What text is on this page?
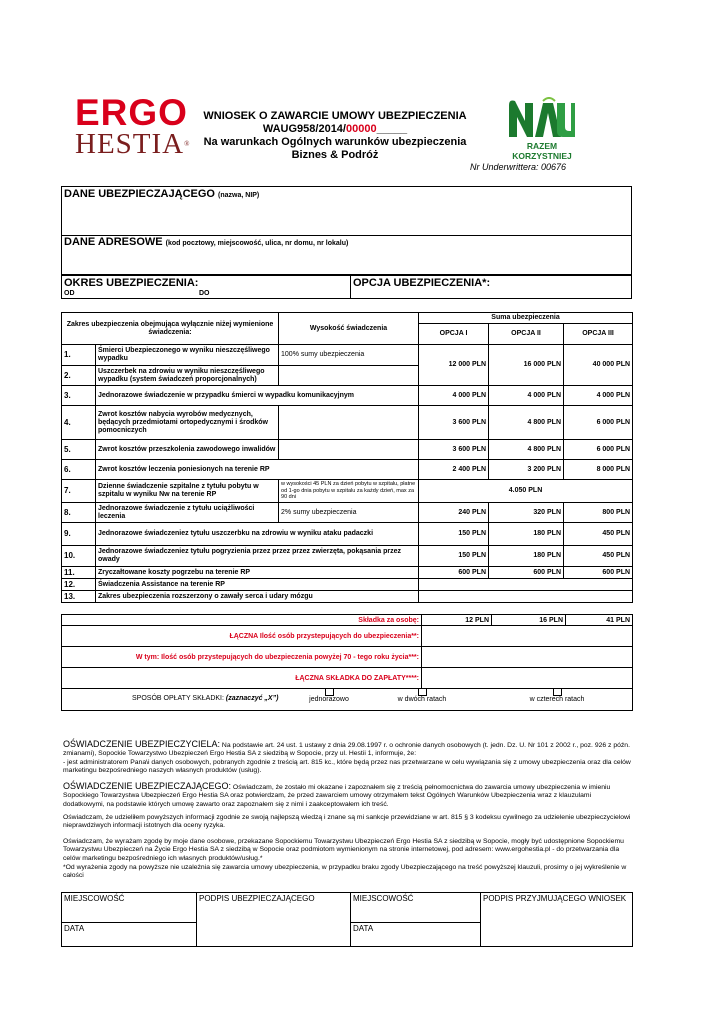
ERGO
HESTIA®
WNIOSEK O ZAWARCIE UMOWY UBEZPIECZENIA
WAUG958/2014/00000_____
Na warunkach Ogólnych warunków ubezpieczenia Biznes & Podróż
RAZEM KORZYSTNIEJ
Nr Underwrittera: 00676
DANE UBEZPIECZAJĄCEGO (nazwa, NIP)
DANE ADRESOWE (kod pocztowy, miejscowość, ulica, nr domu, nr lokalu)
OKRES UBEZPIECZENIA:
OD	DO
OPCJA UBEZPIECZENIA*:
Zakres ubezpieczenia obejmująca wyłącznie niżej wymienione świadczenia:		Wysokość świadczenia	Suma ubezpieczenia		
			OPCJA I	OPCJA II	OPCJA III
1.	Śmierci Ubezpieczonego w wyniku nieszczęśliwego wypadku	100% sumy ubezpieczenia	12 000 PLN	16 000 PLN	40 000 PLN
2.	Uszczerbek na zdrowiu w wyniku nieszczęśliwego wypadku (system świadczeń proporcjonalnych)				
3.	Jednorazowe świadczenie w przypadku śmierci w wypadku komunikacyjnym		4 000 PLN	4 000 PLN	4 000 PLN
4.	Zwrot kosztów nabycia wyrobów medycznych, będących przedmiotami ortopedycznymi i środków pomocniczych		3 600 PLN	4 800 PLN	6 000 PLN
5.	Zwrot kosztów przeszkolenia zawodowego inwalidów		3 600 PLN	4 800 PLN	6 000 PLN
6.	Zwrot kosztów leczenia poniesionych na terenie RP		2 400 PLN	3 200 PLN	8 000 PLN
7.	Dzienne świadczenie szpitalne z tytułu pobytu w szpitalu w wyniku Nw na terenie RP	w wysokości 45 PLN za dzień pobytu w szpitalu, płatne od 1-go dnia pobytu w szpitalu za każdy dzień, max za 90 dni	4.050 PLN		
8.	Jednorazowe świadczenie z tytułu uciążliwości leczenia	2% sumy ubezpieczenia	240 PLN	320 PLN	800 PLN
9.	Jednorazowe świadczeniez tytułu uszczerbku na zdrowiu w wyniku ataku padaczki		150 PLN	180 PLN	450 PLN
10.	Jednorazowe świadczeniez tytułu pogryzienia przez przez przez zwierzęta, pokąsania przez owady		150 PLN	180 PLN	450 PLN
11.	Zryczałtowane koszty pogrzebu na terenie RP		600 PLN	600 PLN	600 PLN
12.	Świadczenia Assistance na terenie RP				
13.	Zakres ubezpieczenia rozszerzony o zawały serca i udary mózgu				
Składka za osobę:	12 PLN	16 PLN	41 PLN
ŁĄCZNA Ilość osób przystepujących do ubezpieczenia**:			
W tym: Ilość osób przystepujących do ubezpieczenia powyżej 70 - tego roku życia***:			
ŁĄCZNA SKŁADKA DO ZAPŁATY****:			

SPOSÓB OPŁATY SKŁADKI: (zaznaczyć „X”) jednorazowo w dwóch ratach w czterech ratach			
OŚWIADCZENIE UBEZPIECZYCIELA: Na podstawie art. 24 ust. 1 ustawy z dnia 29.08.1997 r. o ochronie danych osobowych (t. jedn. Dz. U. Nr 101 z 2002 r., poz. 926 z późn. zmianami), Sopockie Towarzystwo Ubezpieczeń Ergo Hestia SA z siedzibą w Sopocie, przy ul. Hestii 1, informuje, że:
- jest administratorem Pana\i danych osobowych, pobranych zgodnie z treścią art. 815 kc., które będą przez nas przetwarzane w celu wywiązania się z umowy ubezpieczenia oraz dla celów marketingu bezpośredniego naszych własnych produktów (usług).
OŚWIADCZENIE UBEZPIECZAJĄCEGO: Oświadczam, że zostało mi okazane i zapoznałem się z treścią pełnomocnictwa do zawarcia umowy ubezpieczenia w imieniu Sopockiego Towarzystwa Ubezpieczeń Ergo Hestia SA oraz potwierdzam, że przed zawarciem umowy otrzymałem tekst Ogólnych Warunków Ubezpieczenia wraz z klauzulami dodatkowymi, na podstawie których umowę zawarto oraz zapoznałem się z nimi i zaakceptowałem ich treść.
Oświadczam, że udzieliłem powyższych informacji zgodnie ze swoją najlepszą wiedzą i znane są mi sankcje przewidziane w art. 815 § 3 kodeksu cywilnego za udzielenie ubezpieczycielowi nieprawdziwych informacji istotnych dla oceny ryzyka.
Oświadczam, że wyrażam zgodę by moje dane osobowe, przekazane Sopockiemu Towarzystwu Ubezpieczeń Ergo Hestia SA z siedzibą w Sopocie, mogły być udostępnione Sopockiemu Towarzystwu Ubezpieczeń na Życie Ergo Hestia SA z siedzibą w Sopocie oraz podmiotom wymienionym na stronie internetowej, pod adresem: www.ergohestia.pl - do przetwarzania dla celów marketingu bezpośredniego ich własnych produktów/usług.*
*Od wyrażenia zgody na powyższe nie uzależnia się zawarcia umowy ubezpieczenia, w przypadku braku zgody Ubezpieczającego na treść powyższej klauzuli, prosimy o jej wykreślenie w całości
MIEJSCOWOŚĆ	PODPIS UBEZPIECZAJĄCEGO	MIEJSCOWOŚĆ	PODPIS PRZYJMUJĄCEGO WNIOSEK
DATA		DATA	
